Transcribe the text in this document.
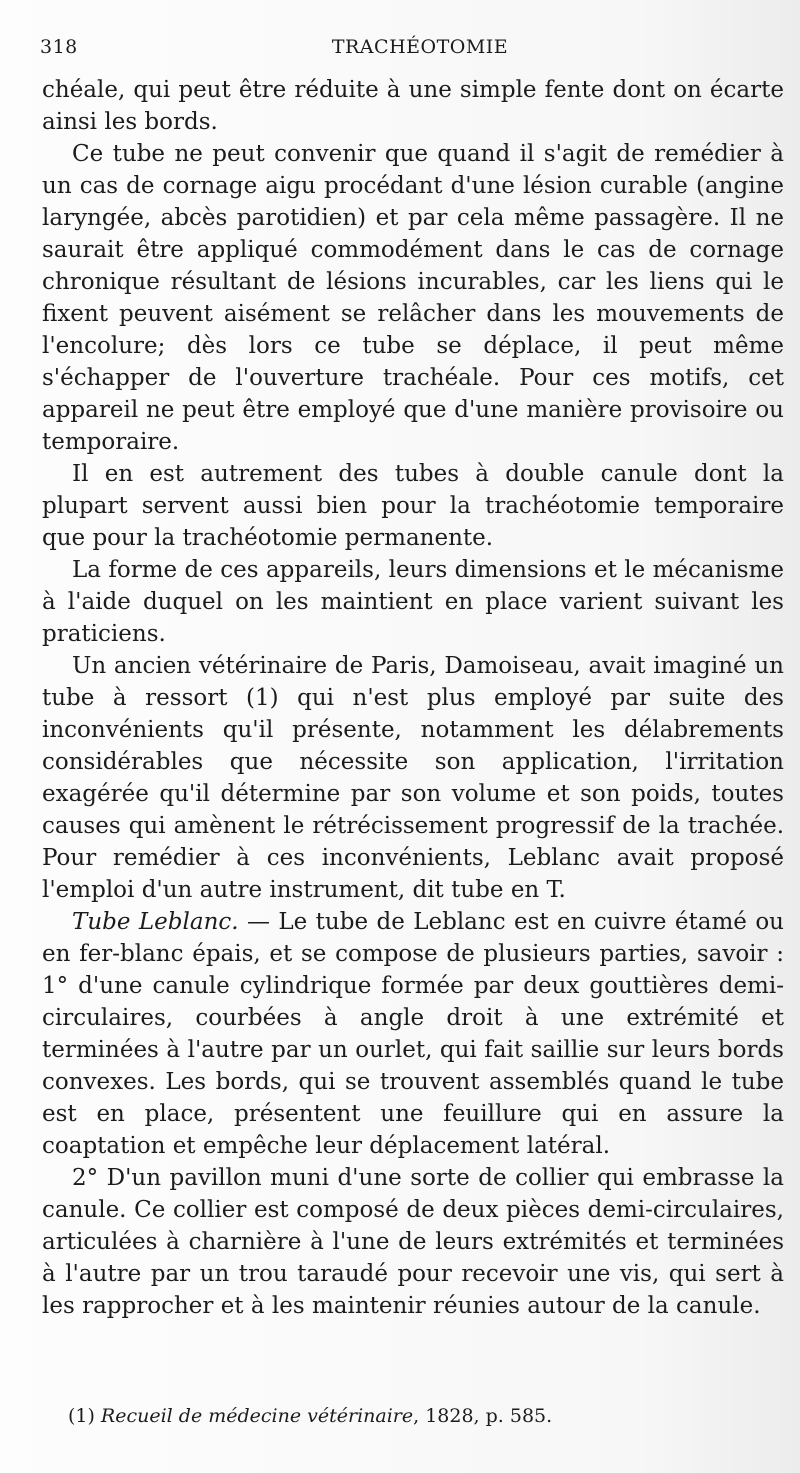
318	TRACHÉOTOMIE

chéale, qui peut être réduite à une simple fente dont on écarte ainsi les bords.

Ce tube ne peut convenir que quand il s'agit de remédier à un cas de cornage aigu procédant d'une lésion curable (angine laryngée, abcès parotidien) et par cela même passagère. Il ne saurait être appliqué commodément dans le cas de cornage chronique résultant de lésions incurables, car les liens qui le fixent peuvent aisément se relâcher dans les mouvements de l'encolure; dès lors ce tube se déplace, il peut même s'échapper de l'ouverture trachéale. Pour ces motifs, cet appareil ne peut être employé que d'une manière provisoire ou temporaire.

Il en est autrement des tubes à double canule dont la plupart servent aussi bien pour la trachéotomie temporaire que pour la trachéotomie permanente.

La forme de ces appareils, leurs dimensions et le mécanisme à l'aide duquel on les maintient en place varient suivant les praticiens.

Un ancien vétérinaire de Paris, Damoiseau, avait imaginé un tube à ressort (1) qui n'est plus employé par suite des inconvénients qu'il présente, notamment les délabrements considérables que nécessite son application, l'irritation exagérée qu'il détermine par son volume et son poids, toutes causes qui amènent le rétrécissement progressif de la trachée. Pour remédier à ces inconvénients, Leblanc avait proposé l'emploi d'un autre instrument, dit tube en T.

Tube Leblanc. — Le tube de Leblanc est en cuivre étamé ou en fer-blanc épais, et se compose de plusieurs parties, savoir : 1° d'une canule cylindrique formée par deux gouttières demi-circulaires, courbées à angle droit à une extrémité et terminées à l'autre par un ourlet, qui fait saillie sur leurs bords convexes. Les bords, qui se trouvent assemblés quand le tube est en place, présentent une feuillure qui en assure la coaptation et empêche leur déplacement latéral.

2° D'un pavillon muni d'une sorte de collier qui embrasse la canule. Ce collier est composé de deux pièces demi-circulaires, articulées à charnière à l'une de leurs extrémités et terminées à l'autre par un trou taraudé pour recevoir une vis, qui sert à les rapprocher et à les maintenir réunies autour de la canule.

(1) Recueil de médecine vétérinaire, 1828, p. 585.
